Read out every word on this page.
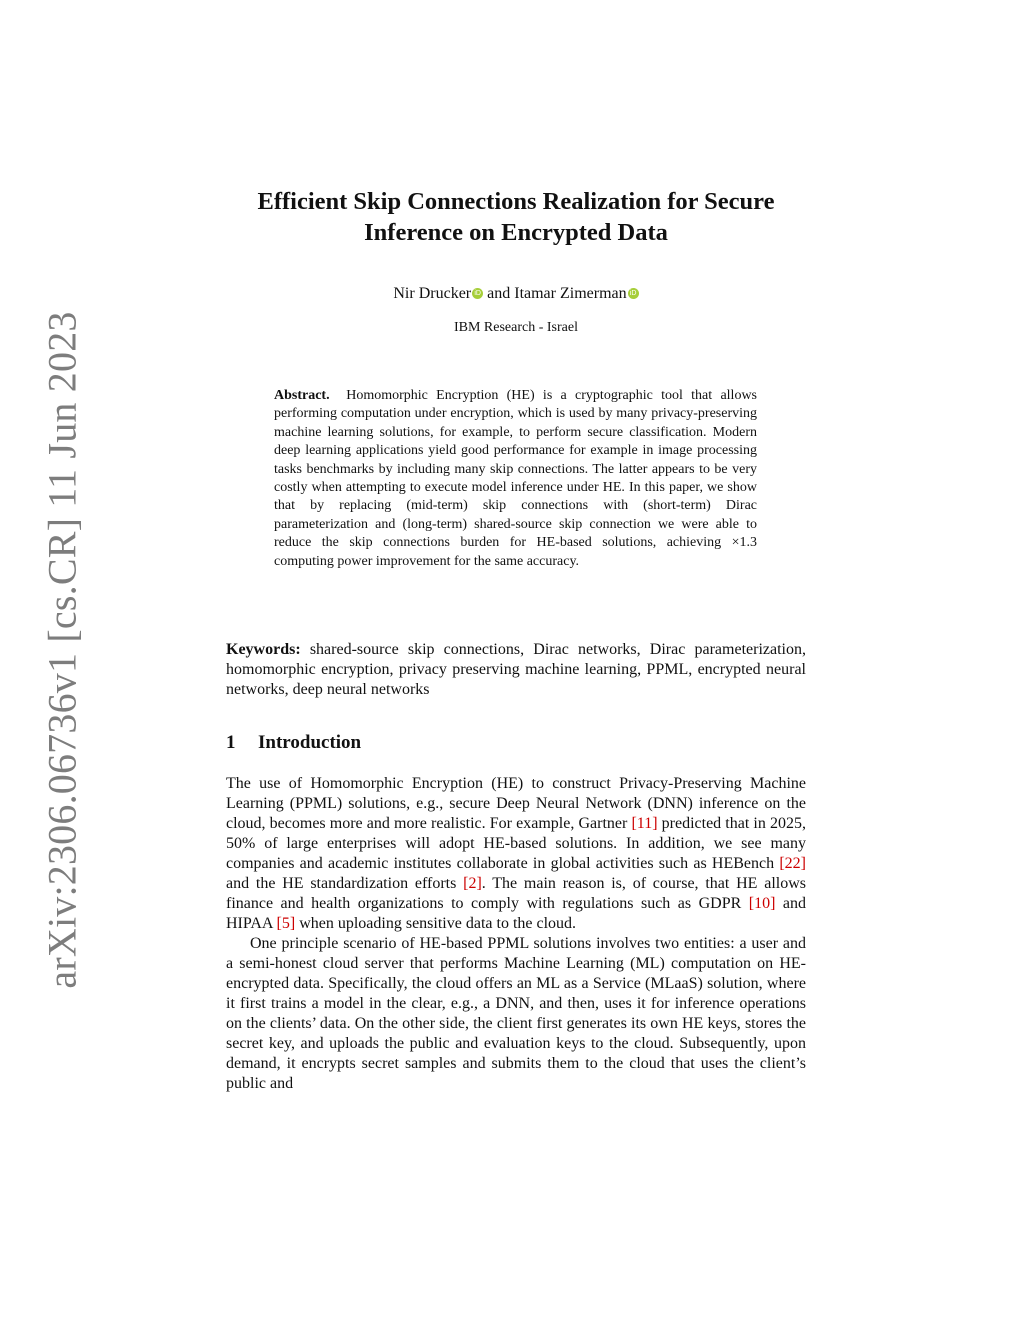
arXiv:2306.06736v1 [cs.CR] 11 Jun 2023
Efficient Skip Connections Realization for Secure
Inference on Encrypted Data
Nir Drucker iD and Itamar Zimerman iD
IBM Research - Israel

Abstract. Homomorphic Encryption (HE) is a cryptographic tool that allows performing computation under encryption, which is used by many privacy-preserving machine learning solutions, for example, to perform secure classification. Modern deep learning applications yield good performance for example in image processing tasks benchmarks by including many skip connections. The latter appears to be very costly when attempting to execute model inference under HE. In this paper, we show that by replacing (mid-term) skip connections with (short-term) Dirac parameterization and (long-term) shared-source skip connection we were able to reduce the skip connections burden for HE-based solutions, achieving ×1.3 computing power improvement for the same accuracy.

Keywords: shared-source skip connections, Dirac networks, Dirac parameterization, homomorphic encryption, privacy preserving machine learning, PPML, encrypted neural networks, deep neural networks

1 Introduction

The use of Homomorphic Encryption (HE) to construct Privacy-Preserving Machine Learning (PPML) solutions, e.g., secure Deep Neural Network (DNN) inference on the cloud, becomes more and more realistic. For example, Gartner [11] predicted that in 2025, 50% of large enterprises will adopt HE-based solutions. In addition, we see many companies and academic institutes collaborate in global activities such as HEBench [22] and the HE standardization efforts [2]. The main reason is, of course, that HE allows finance and health organizations to comply with regulations such as GDPR [10] and HIPAA [5] when uploading sensitive data to the cloud.

One principle scenario of HE-based PPML solutions involves two entities: a user and a semi-honest cloud server that performs Machine Learning (ML) computation on HE-encrypted data. Specifically, the cloud offers an ML as a Service (MLaaS) solution, where it first trains a model in the clear, e.g., a DNN, and then, uses it for inference operations on the clients’ data. On the other side, the client first generates its own HE keys, stores the secret key, and uploads the public and evaluation keys to the cloud. Subsequently, upon demand, it encrypts secret samples and submits them to the cloud that uses the client’s public and
